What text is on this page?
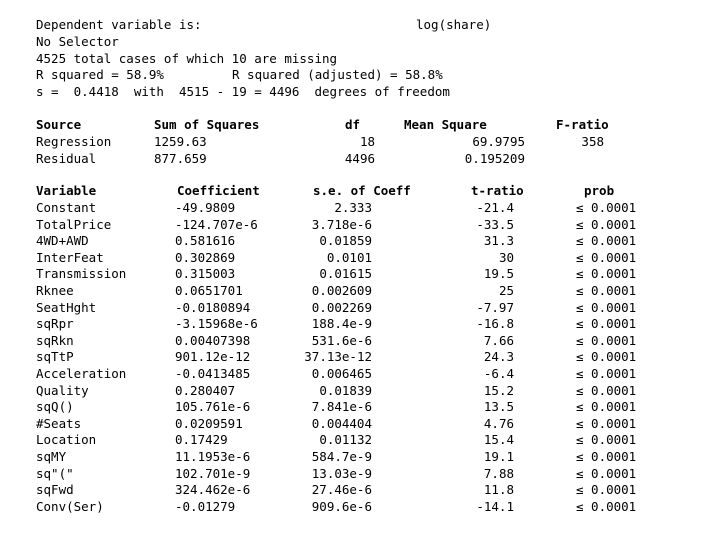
Dependent variable is:	log(share)
No Selector
4525 total cases of which 10 are missing
R squared = 58.9%	R squared (adjusted) = 58.8%
s =  0.4418  with  4515 - 19 = 4496  degrees of freedom
Source	Sum of Squares	df	Mean Square	F-ratio
Regression	1259.63	18	69.9795	358
Residual	877.659	4496	0.195209
Variable	Coefficient	s.e. of Coeff	t-ratio	prob
Constant	-49.9809	2.333	-21.4	≤ 0.0001
TotalPrice	-124.707e-6	3.718e-6	-33.5	≤ 0.0001
4WD+AWD	0.581616	0.01859	31.3	≤ 0.0001
InterFeat	0.302869	0.0101	30	≤ 0.0001
Transmission	0.315003	0.01615	19.5	≤ 0.0001
Rknee	0.0651701	0.002609	25	≤ 0.0001
SeatHght	-0.0180894	0.002269	-7.97	≤ 0.0001
sqRpr	-3.15968e-6	188.4e-9	-16.8	≤ 0.0001
sqRkn	0.00407398	531.6e-6	7.66	≤ 0.0001
sqTtP	901.12e-12	37.13e-12	24.3	≤ 0.0001
Acceleration	-0.0413485	0.006465	-6.4	≤ 0.0001
Quality	0.280407	0.01839	15.2	≤ 0.0001
sqQ()	105.761e-6	7.841e-6	13.5	≤ 0.0001
#Seats	0.0209591	0.004404	4.76	≤ 0.0001
Location	0.17429	0.01132	15.4	≤ 0.0001
sqMY	11.1953e-6	584.7e-9	19.1	≤ 0.0001
sq"("	102.701e-9	13.03e-9	7.88	≤ 0.0001
sqFwd	324.462e-6	27.46e-6	11.8	≤ 0.0001
Conv(Ser)	-0.01279	909.6e-6	-14.1	≤ 0.0001
